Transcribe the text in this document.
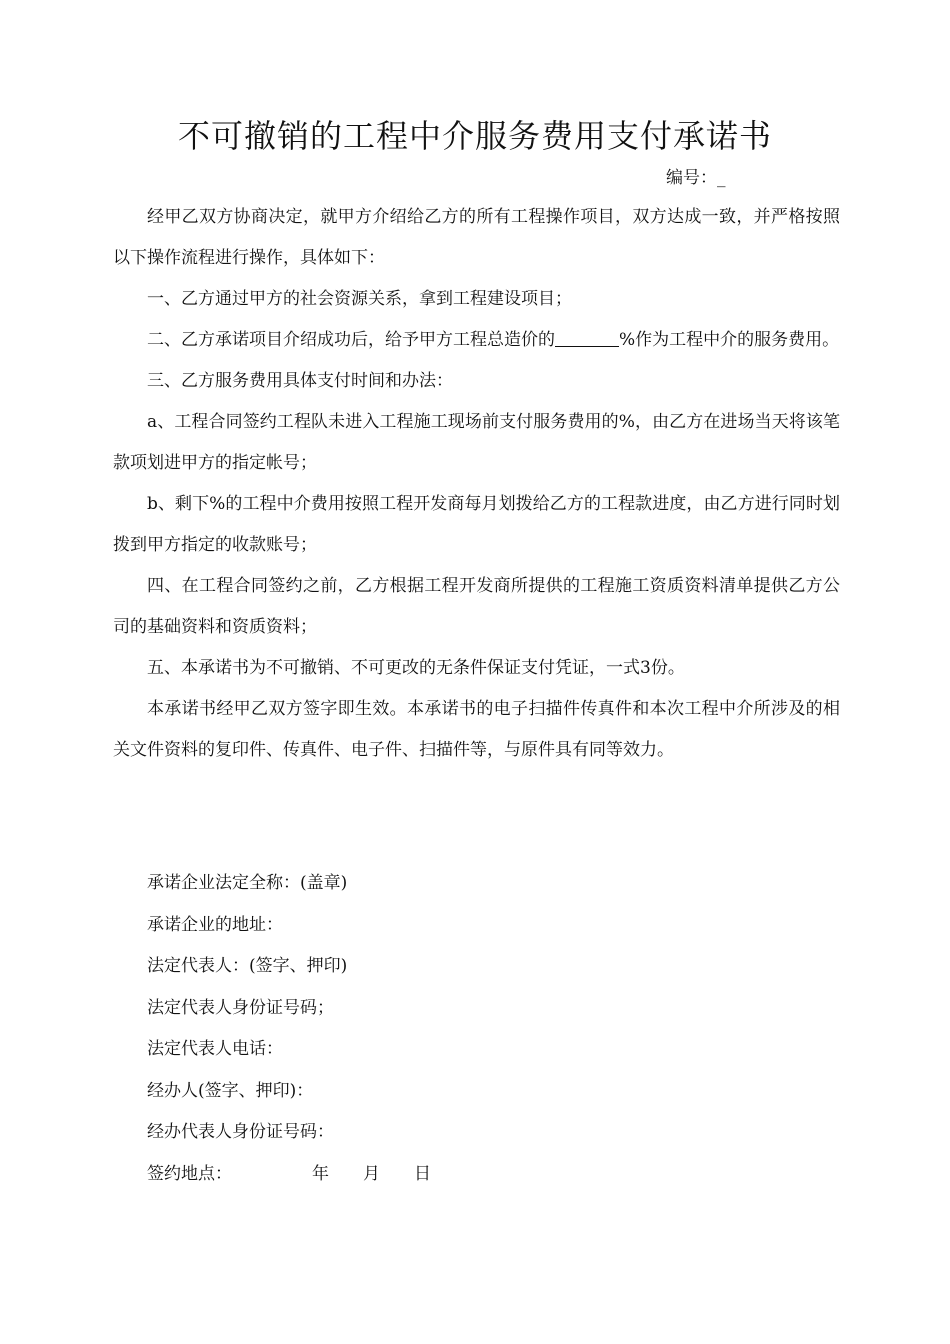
不可撤销的工程中介服务费用支付承诺书
编号：_

经甲乙双方协商决定，就甲方介绍给乙方的所有工程操作项目，双方达成一致，并严格按照以下操作流程进行操作，具体如下：

一、乙方通过甲方的社会资源关系，拿到工程建设项目；

二、乙方承诺项目介绍成功后，给予甲方工程总造价的	%作为工程中介的服务费用。

三、乙方服务费用具体支付时间和办法：

a、工程合同签约工程队未进入工程施工现场前支付服务费用的%，由乙方在进场当天将该笔款项划进甲方的指定帐号；

b、剩下%的工程中介费用按照工程开发商每月划拨给乙方的工程款进度，由乙方进行同时划拨到甲方指定的收款账号；

四、在工程合同签约之前，乙方根据工程开发商所提供的工程施工资质资料清单提供乙方公司的基础资料和资质资料；

五、本承诺书为不可撤销、不可更改的无条件保证支付凭证，一式3份。

本承诺书经甲乙双方签字即生效。本承诺书的电子扫描件传真件和本次工程中介所涉及的相关文件资料的复印件、传真件、电子件、扫描件等，与原件具有同等效力。

承诺企业法定全称：(盖章)

承诺企业的地址：

法定代表人：(签字、押印)

法定代表人身份证号码；

法定代表人电话：

经办人(签字、押印)：

经办代表人身份证号码：

签约地点：	年 月 日
